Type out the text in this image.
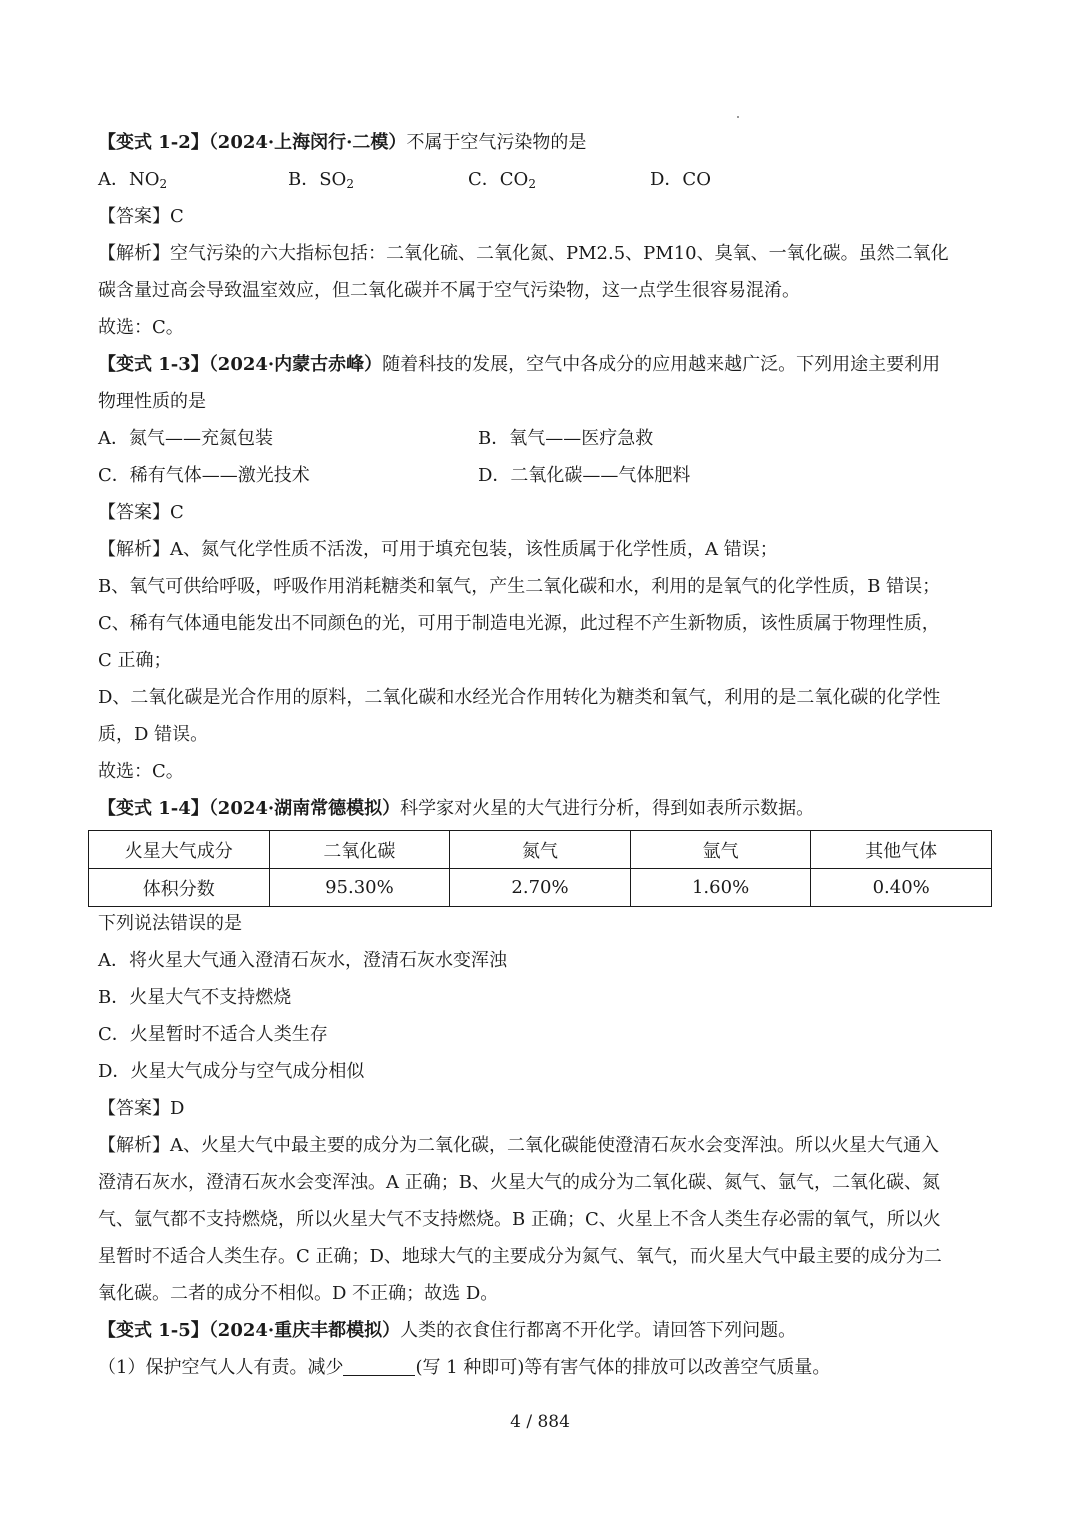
【变式 1-2】（2024·上海闵行·二模）不属于空气污染物的是
A．$NO_2$	B．$SO_2$	C．$CO_2$	D．CO
【答案】C
【解析】空气污染的六大指标包括：二氧化硫、二氧化氮、PM2.5、PM10、臭氧、一氧化碳。虽然二氧化
碳含量过高会导致温室效应，但二氧化碳并不属于空气污染物，这一点学生很容易混淆。
故选：C。
【变式 1-3】（2024·内蒙古赤峰）随着科技的发展，空气中各成分的应用越来越广泛。下列用途主要利用
物理性质的是
A．氮气——充氮包装	B．氧气——医疗急救
C．稀有气体——激光技术	D．二氧化碳——气体肥料
【答案】C
【解析】A、氮气化学性质不活泼，可用于填充包装，该性质属于化学性质，A 错误；
B、氧气可供给呼吸，呼吸作用消耗糖类和氧气，产生二氧化碳和水，利用的是氧气的化学性质，B 错误；
C、稀有气体通电能发出不同颜色的光，可用于制造电光源，此过程不产生新物质，该性质属于物理性质，
C 正确；
D、二氧化碳是光合作用的原料，二氧化碳和水经光合作用转化为糖类和氧气，利用的是二氧化碳的化学性
质，D 错误。
故选：C。
【变式 1-4】（2024·湖南常德模拟）科学家对火星的大气进行分析，得到如表所示数据。
火星大气成分	二氧化碳	氮气	氩气	其他气体
体积分数	95.30%	2.70%	1.60%	0.40%
下列说法错误的是
A．将火星大气通入澄清石灰水，澄清石灰水变浑浊
B．火星大气不支持燃烧
C．火星暂时不适合人类生存
D．火星大气成分与空气成分相似
【答案】D
【解析】A、火星大气中最主要的成分为二氧化碳，二氧化碳能使澄清石灰水会变浑浊。所以火星大气通入
澄清石灰水，澄清石灰水会变浑浊。A 正确；B、火星大气的成分为二氧化碳、氮气、氩气，二氧化碳、氮
气、氩气都不支持燃烧，所以火星大气不支持燃烧。B 正确；C、火星上不含人类生存必需的氧气，所以火
星暂时不适合人类生存。C 正确；D、地球大气的主要成分为氮气、氧气，而火星大气中最主要的成分为二
氧化碳。二者的成分不相似。D 不正确；故选 D。
【变式 1-5】（2024·重庆丰都模拟）人类的衣食住行都离不开化学。请回答下列问题。
（1）保护空气人人有责。减少	(写 1 种即可)等有害气体的排放可以改善空气质量。
4 / 884
